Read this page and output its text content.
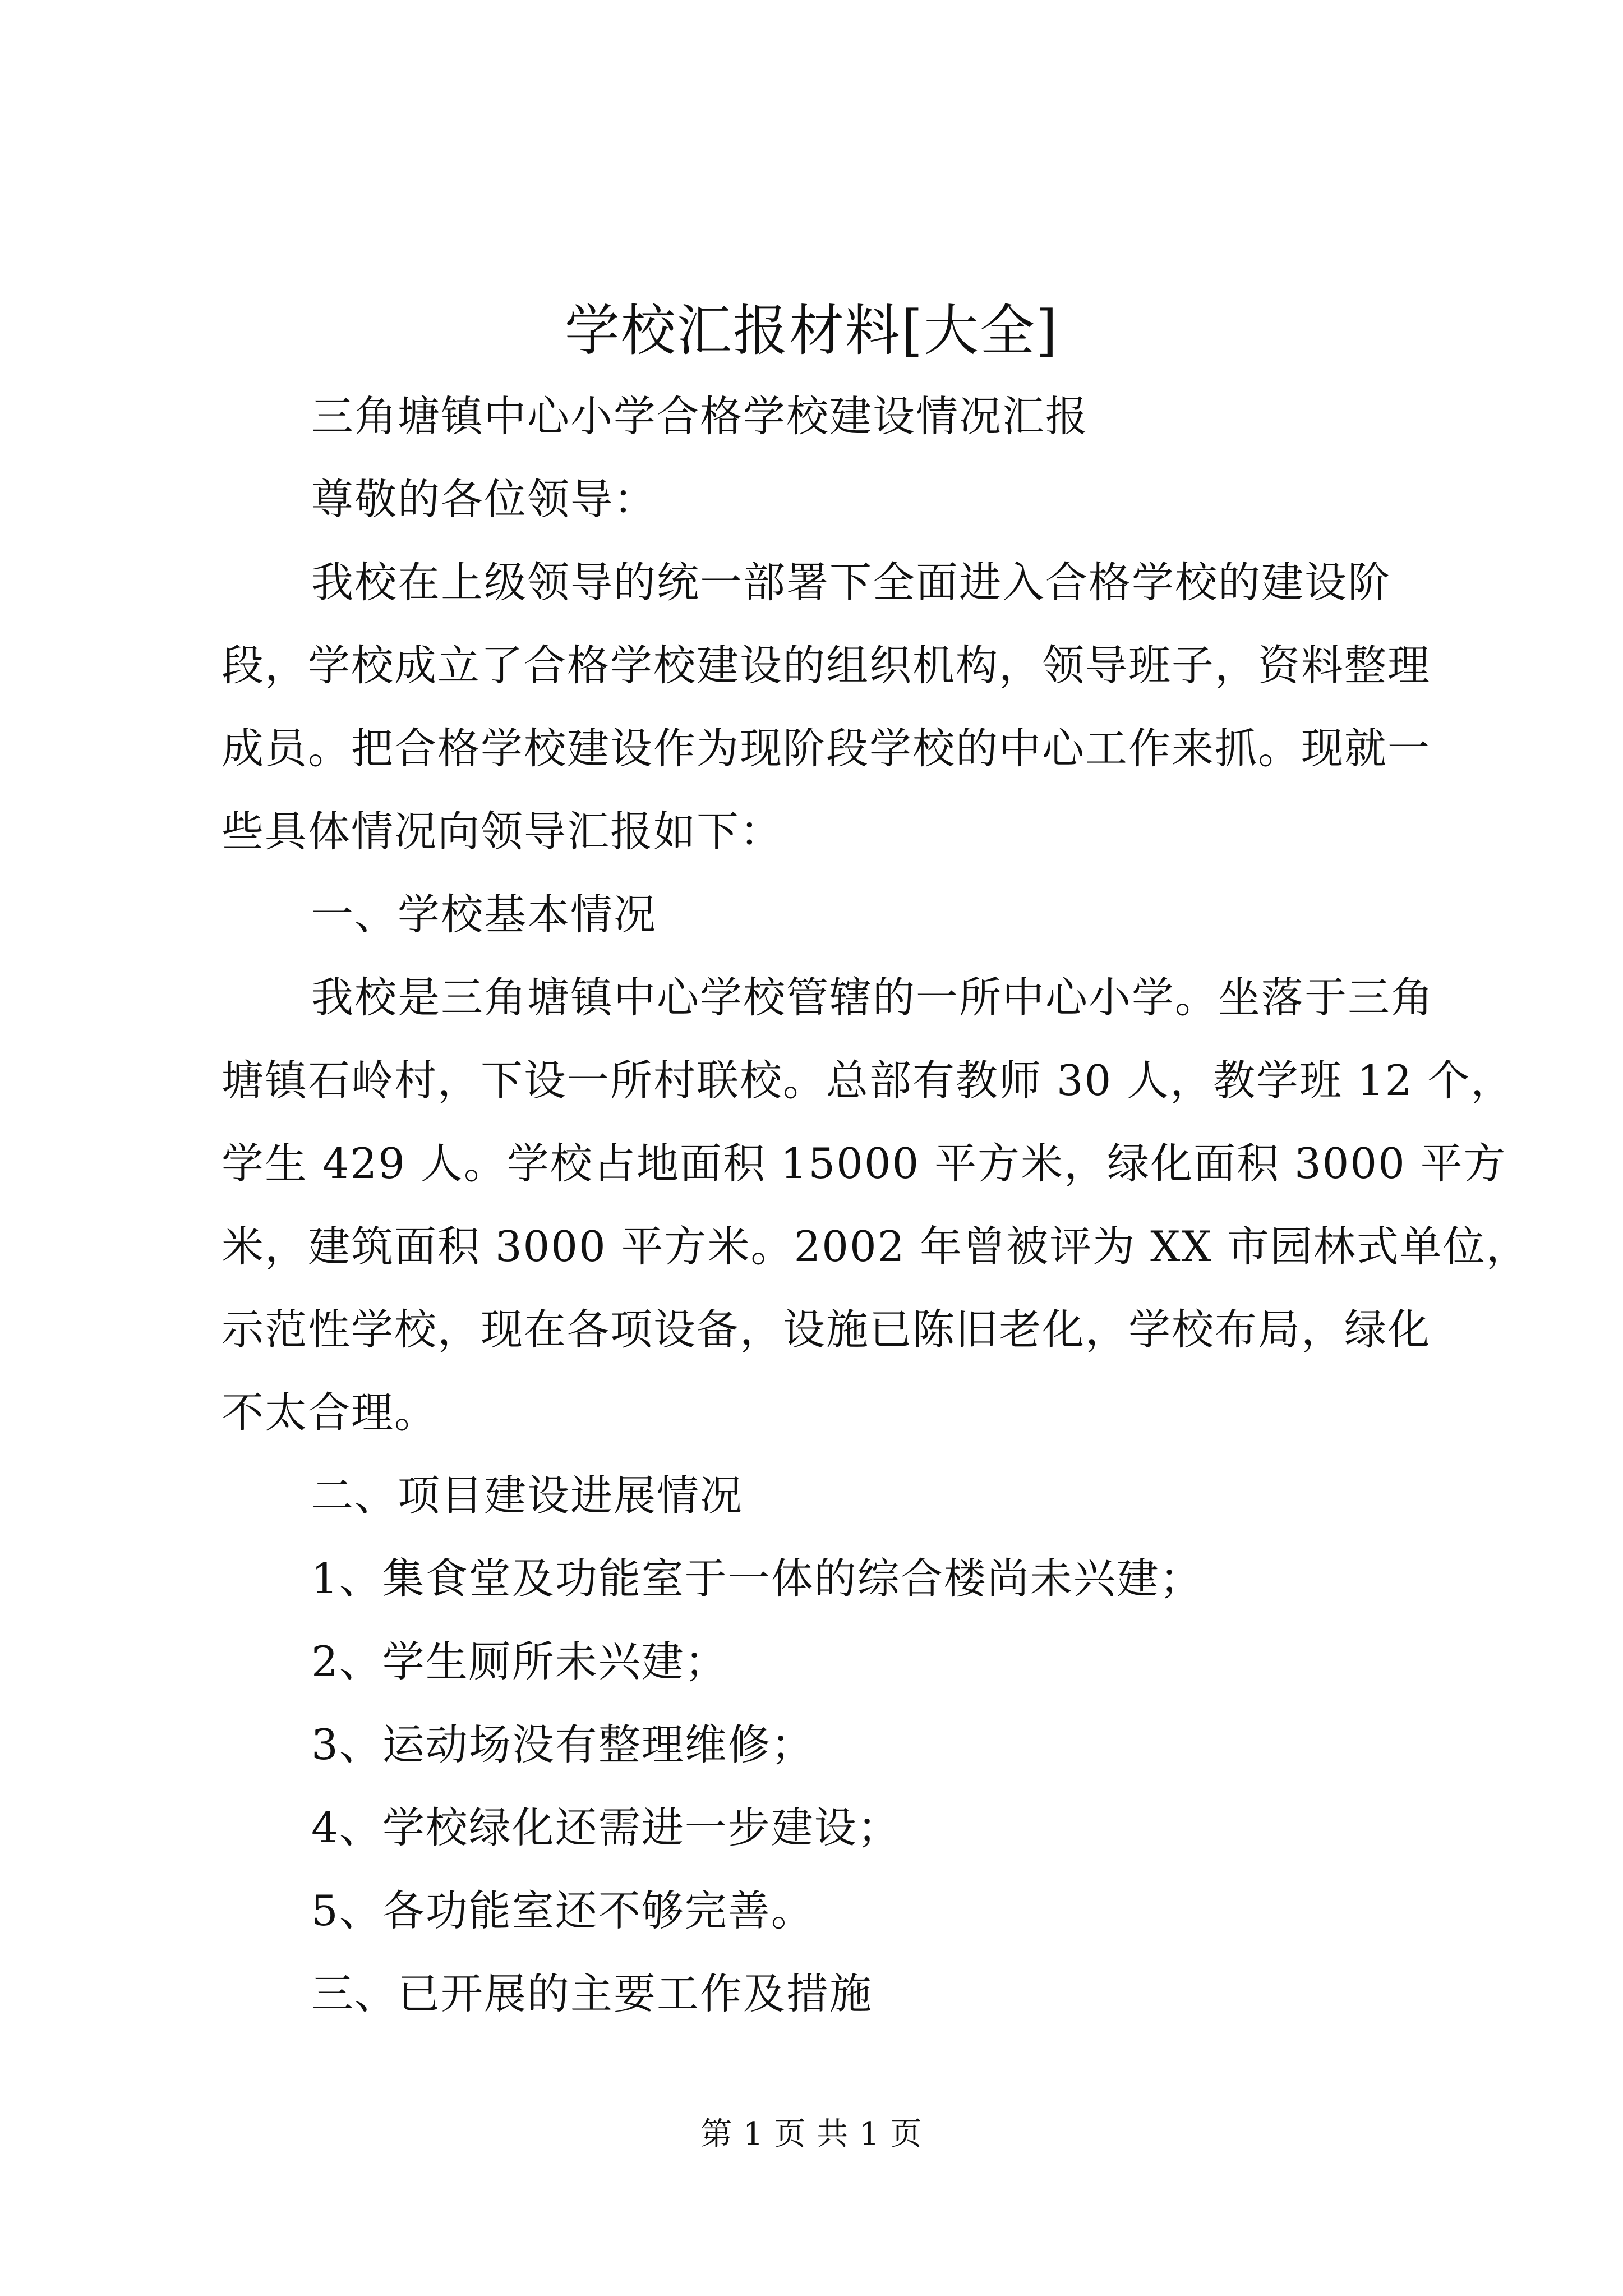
学校汇报材料[大全]
三角塘镇中心小学合格学校建设情况汇报
尊敬的各位领导：
我校在上级领导的统一部署下全面进入合格学校的建设阶
段，学校成立了合格学校建设的组织机构，领导班子，资料整理
成员。把合格学校建设作为现阶段学校的中心工作来抓。现就一
些具体情况向领导汇报如下：
一、学校基本情况
我校是三角塘镇中心学校管辖的一所中心小学。坐落于三角
塘镇石岭村，下设一所村联校。总部有教师 30 人，教学班 12 个，
学生 429 人。学校占地面积 15000 平方米，绿化面积 3000 平方
米，建筑面积 3000 平方米。2002 年曾被评为 XX 市园林式单位，
示范性学校，现在各项设备，设施已陈旧老化，学校布局，绿化
不太合理。
二、项目建设进展情况
1、集食堂及功能室于一体的综合楼尚未兴建；
2、学生厕所未兴建；
3、运动场没有整理维修；
4、学校绿化还需进一步建设；
5、各功能室还不够完善。
三、已开展的主要工作及措施
第 1 页 共 1 页
